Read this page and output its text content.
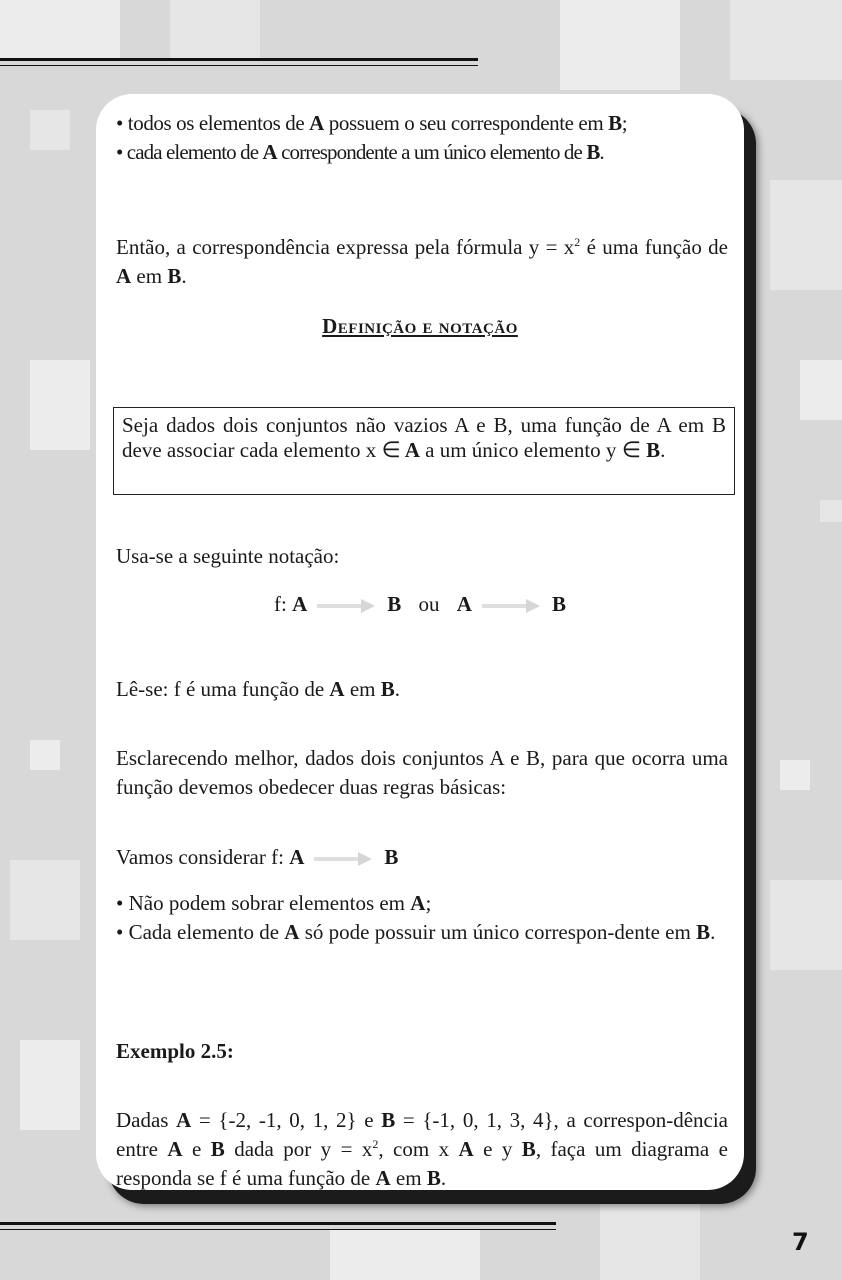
• todos os elementos de A possuem o seu correspondente em B;

• cada elemento de A correspondente a um único elemento de B.

Então, a correspondência expressa pela fórmula $y = x^2$ é uma função de A em B.

Definição e notação
Seja dados dois conjuntos não vazios A e B, uma função de A em B deve associar cada elemento x ∈ A a um único elemento y ∈ B.

Usa-se a seguinte notação:

f: A	B ou A	B

Lê-se: f é uma função de A em B.

Esclarecendo melhor, dados dois conjuntos A e B, para que ocorra uma função devemos obedecer duas regras básicas:

Vamos considerar f: A	B

• Não podem sobrar elementos em A;

• Cada elemento de A só pode possuir um único correspon-dente em B.

Exemplo 2.5:

Dadas A = {-2, -1, 0, 1, 2} e B = {-1, 0, 1, 3, 4}, a correspon-dência entre A e B dada por $y = x^2$, com x A e y B, faça um diagrama e responda se f é uma função de A em B.

7
